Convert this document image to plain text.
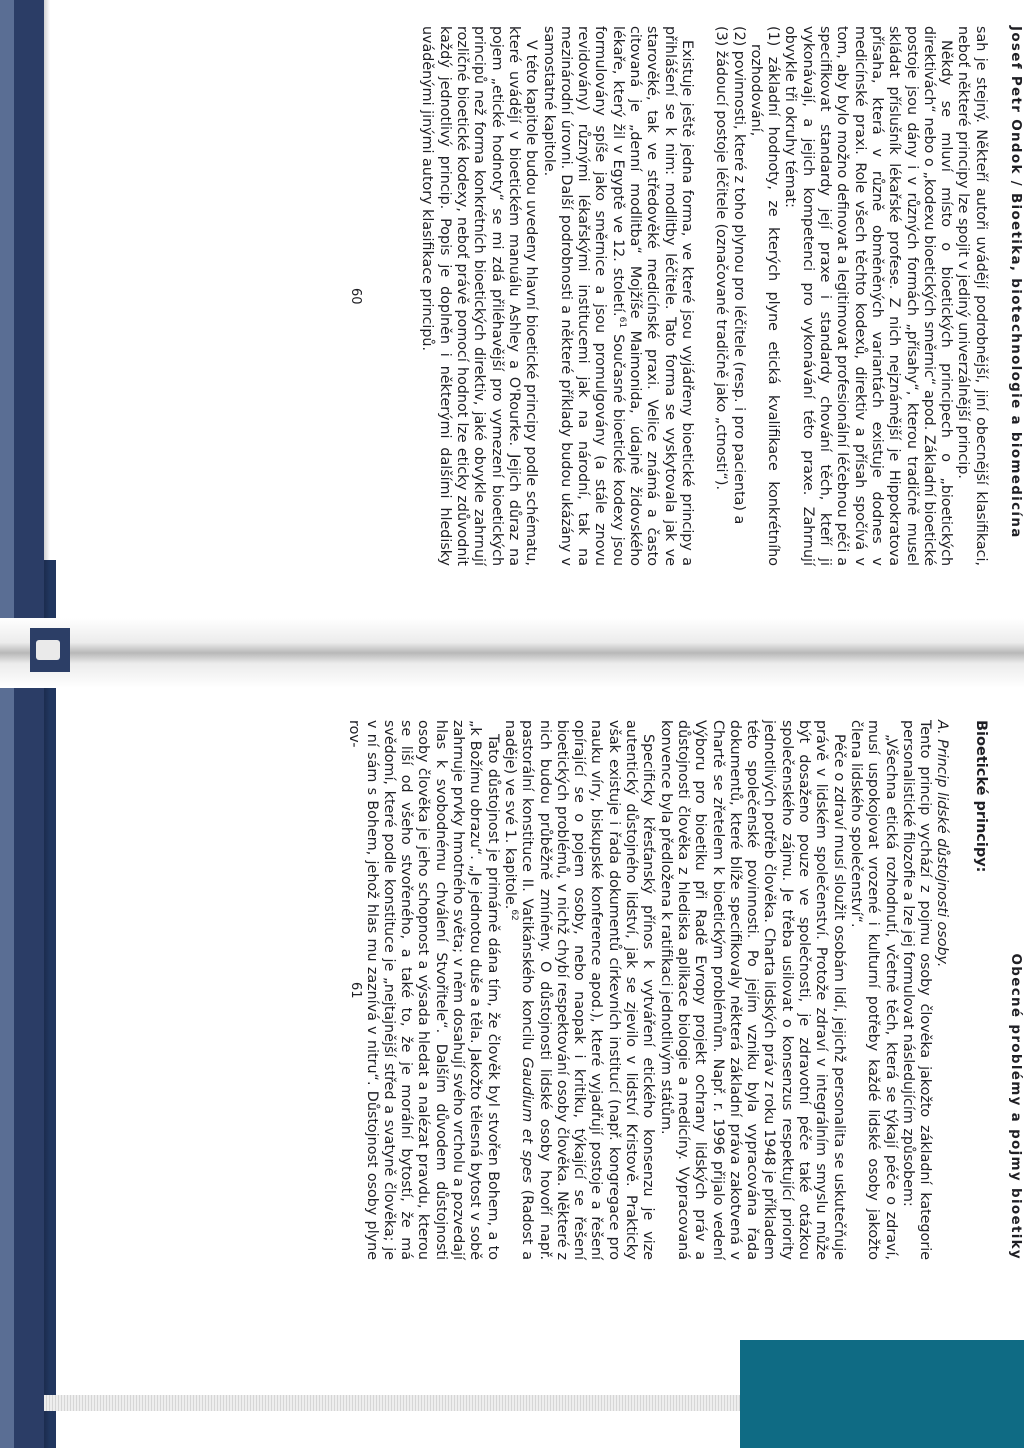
Josef Petr Ondok / Bioetika, biotechnologie a biomedicína

sah je stejný. Někteří autoři uvádějí podrobnější, jiní obecnější klasifikaci, neboť některé principy lze spojit v jediný univerzálnější princip.

Někdy se mluví místo o bioetických principech o „bioetických direktivách“ nebo o „kodexu bioetických směrnic“ apod. Základní bioetické postoje jsou dány i v různých formách „přísahy“, kterou tradičně musel skládat příslušník lékařské profese. Z nich nejznámější je Hippokratova přísaha, která v různě obměněných variantách existuje dodnes v medicínské praxi. Role všech těchto kodexů, direktiv a přísah spočívá v tom, aby bylo možno definovat a legitimovat profesionální léčebnou péči a specifikovat standardy její praxe i standardy chování těch, kteří ji vykonávají, a jejich kompetenci pro vykonávání této praxe. Zahrnují obvykle tři okruhy témat:

(1) základní hodnoty, ze kterých plyne etická kvalifikace konkrétního rozhodování,

(2) povinnosti, které z toho plynou pro léčitele (resp. i pro pacienta) a

(3) žádoucí postoje léčitele (označované tradičně jako „ctnosti“).

Existuje ještě jedna forma, ve které jsou vyjádřeny bioetické principy a přihlášení se k nim: modlitby léčitele. Tato forma se vyskytovala jak ve starověké, tak ve středověké medicínské praxi. Velice známá a často citovaná je „denní modlitba“ Mojžíše Maimonida, údajně židovského lékaře, který žil v Egyptě ve 12. století.$^{61}$ Současné bioetické kodexy jsou formulovány spíše jako směrnice a jsou promulgovány (a stále znovu revidovány) různými lékařskými institucemi jak na národní, tak na mezinárodní úrovni. Další podrobnosti a některé příklady budou ukázány v samostatné kapitole.

V této kapitole budou uvedeny hlavní bioetické principy podle schématu, které uvádějí v bioetickém manuálu Ashley a O'Rourke. Jejich důraz na pojem „etické hodnoty“ se mi zdá přiléhavější pro vymezení bioetických principů než forma konkrétních bioetických direktiv, jaké obvykle zahrnují rozličné bioetické kodexy, neboť právě pomocí hodnot lze eticky zdůvodnit každý jednotlivý princip. Popis je doplněn i některými dalšími hledisky uváděnými jinými autory klasifikace principů.

60
Obecné problémy a pojmy bioetiky
Bioetické principy:

A. Princip lidské důstojnosti osoby.

Tento princip vychází z pojmu osoby člověka jakožto základní kategorie personalistické filozofie a lze jej formulovat následujícím způsobem:

„Všechna etická rozhodnutí, včetně těch, která se týkají péče o zdraví, musí uspokojovat vrozené i kulturní potřeby každé lidské osoby jakožto člena lidského společenství“.

Péče o zdraví musí sloužit osobám lidí, jejichž personalita se uskutečňuje právě v lidském společenství. Protože zdraví v integrálním smyslu může být dosaženo pouze ve společnosti, je zdravotní péče také otázkou společenského zájmu. Je třeba usilovat o konsenzus respektující priority jednotlivých potřeb člověka. Charta lidských práv z roku 1948 je příkladem této společenské povinnosti. Po jejím vzniku byla vypracována řada dokumentů, které blíže specifikovaly některá základní práva zakotvená v Chartě se zřetelem k bioetickým problémům. Např. r. 1996 přijalo vedení Výboru pro bioetiku při Radě Evropy projekt ochrany lidských práv a důstojnosti člověka z hlediska aplikace biologie a medicíny. Vypracovaná konvence byla předložena k ratifikaci jednotlivým státům.

Specificky křesťanský přínos k vytváření etického konsenzu je vize autentický důstojného lidství, jak se zjevilo v lidství Kristově. Prakticky však existuje i řada dokumentů církevních institucí (např. kongregace pro nauku víry, biskupské konference apod.), které vyjadřují postoje a řešení opírající se o pojem osoby, nebo naopak i kritiku, týkající se řešení bioetických problémů, v nichž chybí respektování osoby člověka. Některé z nich budou průběžně zmíněny. O důstojnosti lidské osoby hovoří např. pastorální konstituce II. Vatikánského koncilu Gaudium et spes (Radost a naděje) ve své 1. kapitole.$^{62}$

Tato důstojnost je primárně dána tím, že člověk byl stvořen Bohem, a to „k Božímu obrazu“. „Je jednotou duše a těla. Jakožto tělesná bytost v sobě zahrnuje prvky hmotného světa; v něm dosahují svého vrcholu a pozvedají hlas k svobodnému chválení Stvořitele“. Dalším důvodem důstojnosti osoby člověka je jeho schopnost a výsada hledat a nalézat pravdu, kterou se liší od všeho stvořeného, a také to, že je morální bytostí, že má svědomí, které podle konstituce je „nejtajnější střed a svatyně člověka; je v ní sám s Bohem, jehož hlas mu zaznívá v nitru“. Důstojnost osoby plyne rov-

61
